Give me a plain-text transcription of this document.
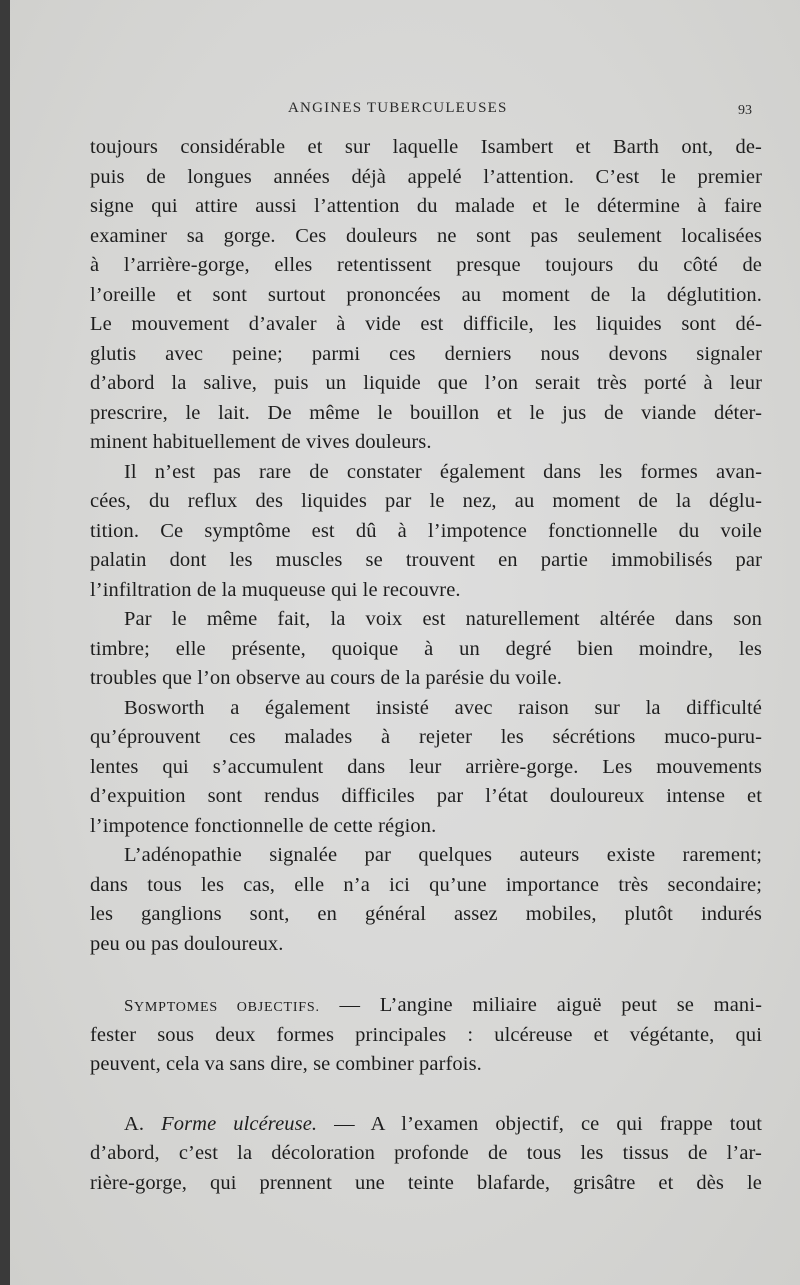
ANGINES TUBERCULEUSES	93
toujours considérable et sur laquelle Isambert et Barth ont, de-
puis de longues années déjà appelé l’attention. C’est le premier
signe qui attire aussi l’attention du malade et le détermine à faire
examiner sa gorge. Ces douleurs ne sont pas seulement localisées
à l’arrière-gorge, elles retentissent presque toujours du côté de
l’oreille et sont surtout prononcées au moment de la déglutition.
Le mouvement d’avaler à vide est difficile, les liquides sont dé-
glutis avec peine; parmi ces derniers nous devons signaler
d’abord la salive, puis un liquide que l’on serait très porté à leur
prescrire, le lait. De même le bouillon et le jus de viande déter-
minent habituellement de vives douleurs.
Il n’est pas rare de constater également dans les formes avan-
cées, du reflux des liquides par le nez, au moment de la déglu-
tition. Ce symptôme est dû à l’impotence fonctionnelle du voile
palatin dont les muscles se trouvent en partie immobilisés par
l’infiltration de la muqueuse qui le recouvre.
Par le même fait, la voix est naturellement altérée dans son
timbre; elle présente, quoique à un degré bien moindre, les
troubles que l’on observe au cours de la parésie du voile.
Bosworth a également insisté avec raison sur la difficulté
qu’éprouvent ces malades à rejeter les sécrétions muco-puru-
lentes qui s’accumulent dans leur arrière-gorge. Les mouvements
d’expuition sont rendus difficiles par l’état douloureux intense et
l’impotence fonctionnelle de cette région.
L’adénopathie signalée par quelques auteurs existe rarement;
dans tous les cas, elle n’a ici qu’une importance très secondaire;
les ganglions sont, en général assez mobiles, plutôt indurés
peu ou pas douloureux.
SYMPTOMES OBJECTIFS. — L’angine miliaire aiguë peut se mani-
fester sous deux formes principales : ulcéreuse et végétante, qui
peuvent, cela va sans dire, se combiner parfois.
A. Forme ulcéreuse. — A l’examen objectif, ce qui frappe tout
d’abord, c’est la décoloration profonde de tous les tissus de l’ar-
rière-gorge, qui prennent une teinte blafarde, grisâtre et dès le
